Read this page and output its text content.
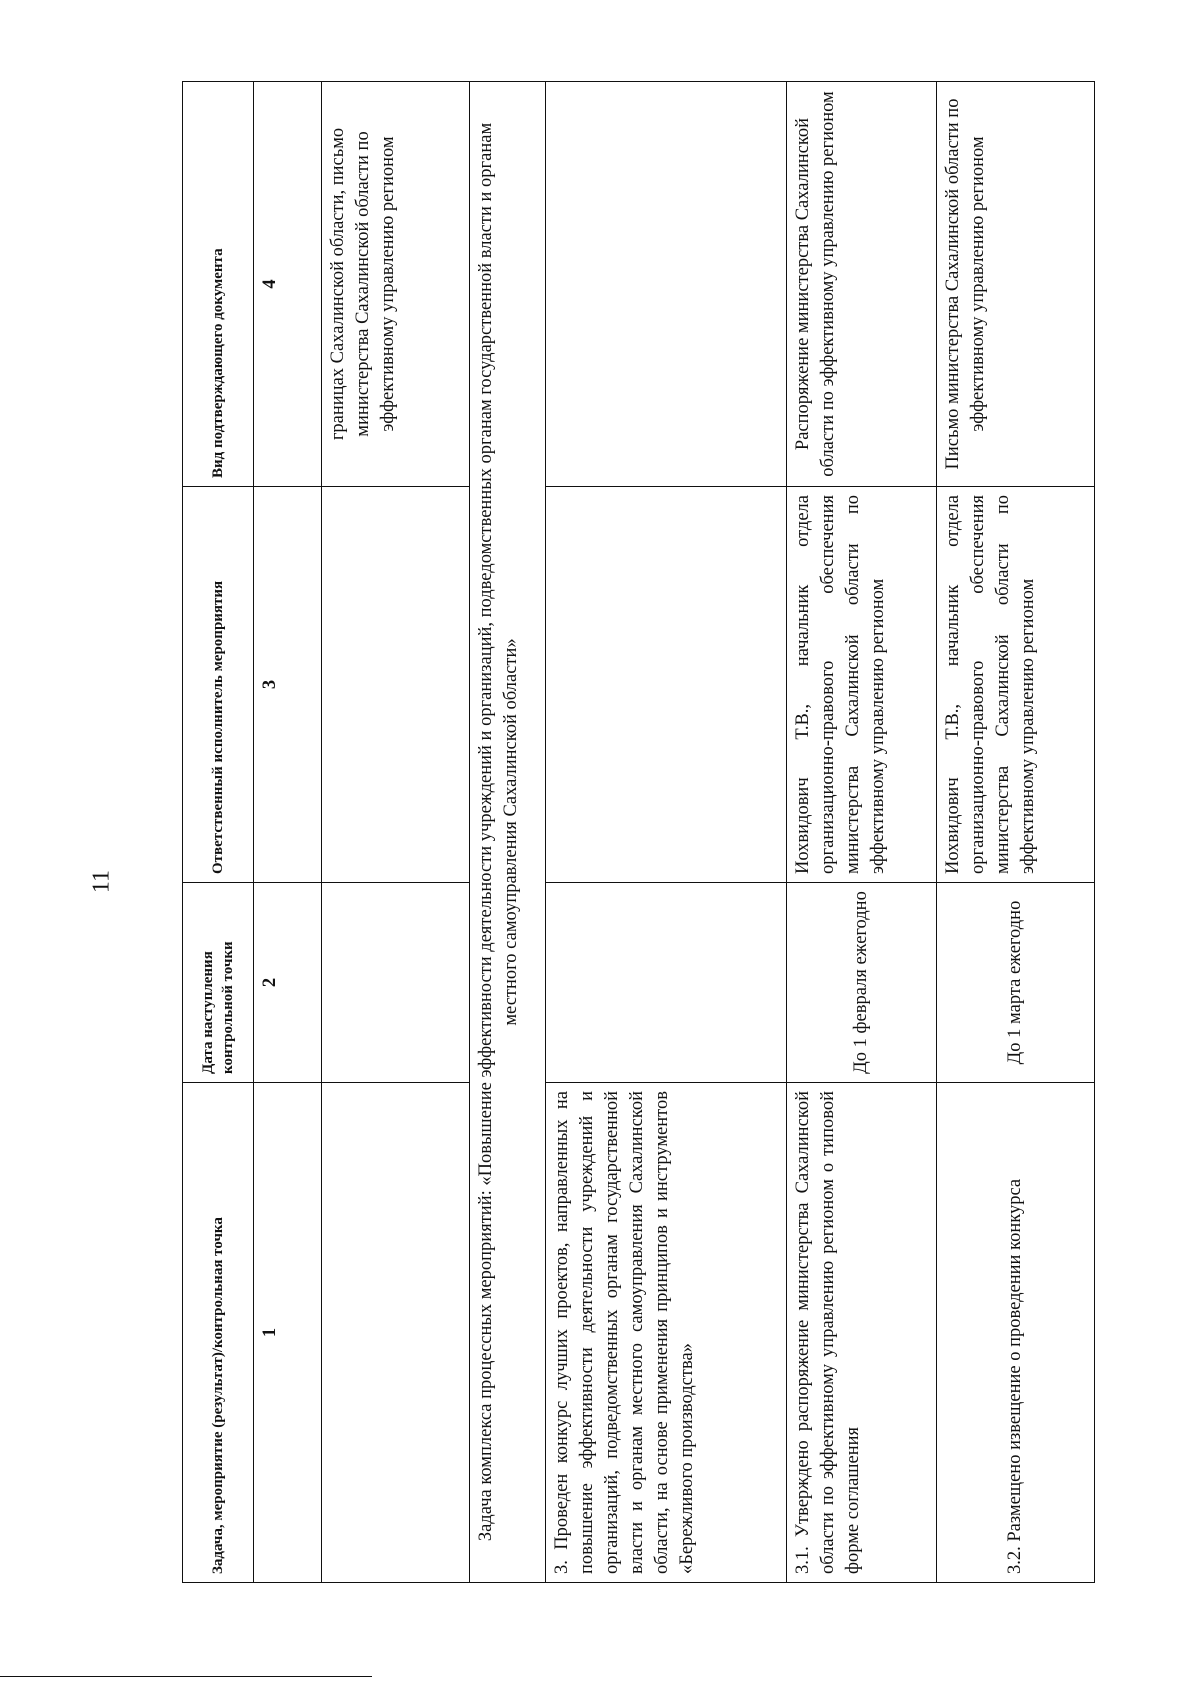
11
Задача, мероприятие (результат)/контрольная точка	Дата наступления контрольной точки	Ответственный исполнитель мероприятия	Вид подтверждающего документа
1	2	3	4
			границах Сахалинской области, письмо министерства Сахалинской области по эффективному управлению регионом
Задача комплекса процессных мероприятий: «Повышение эффективности деятельности учреждений и организаций, подведомственных органам государственной власти и органам местного самоуправления Сахалинской области»			
3. Проведен конкурс лучших проектов, направленных на повышение эффективности деятельности учреждений и организаций, подведомственных органам государственной власти и органам местного самоуправления Сахалинской области, на основе применения принципов и инструментов «Бережливого производства»			
3.1. Утверждено распоряжение министерства Сахалинской области по эффективному управлению регионом о типовой форме соглашения	До 1 февраля ежегодно	Иохвидович Т.В., начальник отдела организационно-правового обеспечения министерства Сахалинской области по эффективному управлению регионом	Распоряжение министерства Сахалинской области по эффективному управлению регионом
3.2. Размещено извещение о проведении конкурса	До 1 марта ежегодно	Иохвидович Т.В., начальник отдела организационно-правового обеспечения министерства Сахалинской области по эффективному управлению регионом	Письмо министерства Сахалинской области по эффективному управлению регионом
